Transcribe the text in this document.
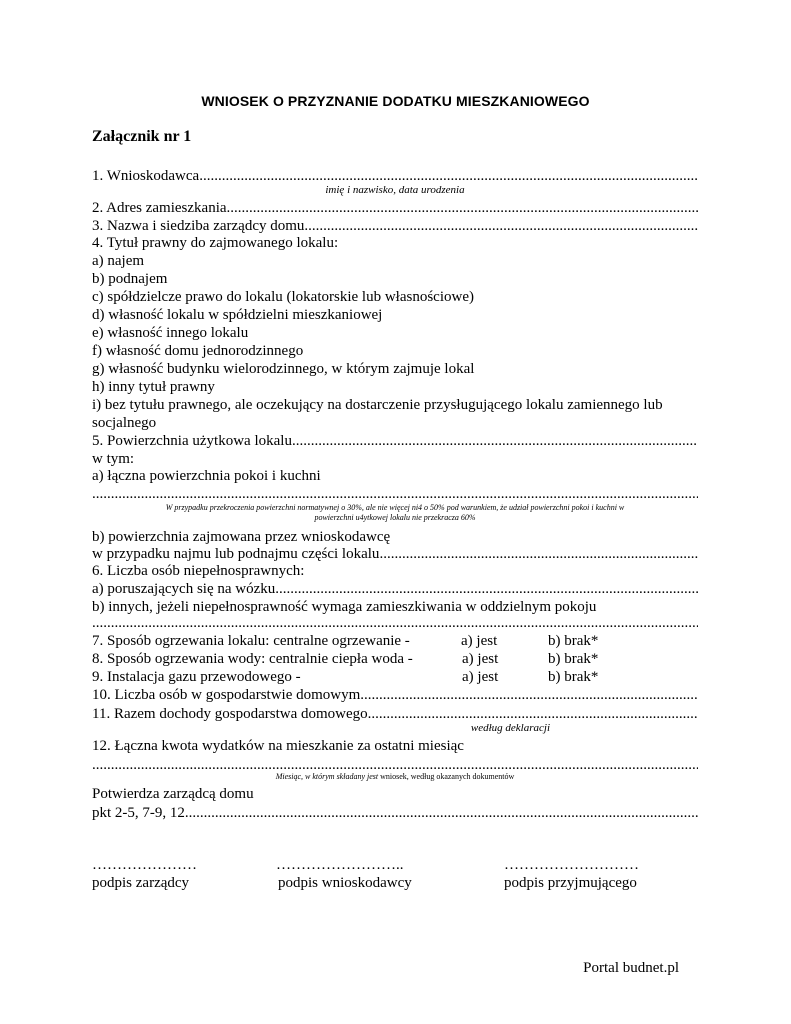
WNIOSEK O PRZYZNANIE DODATKU MIESZKANIOWEGO
Załącznik nr 1
1. Wnioskodawca
.....
imię i nazwisko, data urodzenia
2. Adres zamieszkania
.....
3. Nazwa i siedziba zarządcy domu
.....
4. Tytuł prawny do zajmowanego lokalu:
a) najem
b) podnajem
c) spółdzielcze prawo do lokalu (lokatorskie lub własnościowe)
d) własność lokalu w spółdzielni mieszkaniowej
e) własność innego lokalu
f) własność domu jednorodzinnego
g) własność budynku wielorodzinnego, w którym zajmuje lokal
h) inny tytuł prawny
i) bez tytułu prawnego, ale oczekujący na dostarczenie przysługującego lokalu zamiennego lub
socjalnego
5. Powierzchnia użytkowa lokalu
.....
w tym:
a) łączna powierzchnia pokoi i kuchni
.....
W przypadku przekroczenia powierzchni normatywnej o 30%, ale nie więcej ni4 o 50% pod warunkiem, że udział powierzchni pokoi i kuchni w
powierzchni u4ytkowej lokalu nie przekracza 60%
b) powierzchnia zajmowana przez wnioskodawcę
w przypadku najmu lub podnajmu części lokalu
.....
6. Liczba osób niepełnosprawnych:
a) poruszających się na wózku
.....
b) innych, jeżeli niepełnosprawność wymaga zamieszkiwania w oddzielnym pokoju
.....
7. Sposób ogrzewania lokalu: centralne ogrzewanie -	a) jest	b) brak*
8. Sposób ogrzewania wody: centralnie ciepła woda -	a) jest	b) brak*
9. Instalacja gazu przewodowego -	a) jest	b) brak*
10. Liczba osób w gospodarstwie domowym
.....
11. Razem dochody gospodarstwa domowego
.....
według deklaracji
12. Łączna kwota wydatków na mieszkanie za ostatni miesiąc
.....
Miesiąc, w którym składany jest wniosek, według okazanych dokumentów
Potwierdza zarządcą domu
pkt 2-5, 7-9, 12
.....
…………………	……………………..	………………………
podpis zarządcy	podpis wnioskodawcy	podpis przyjmującego
Portal budnet.pl
